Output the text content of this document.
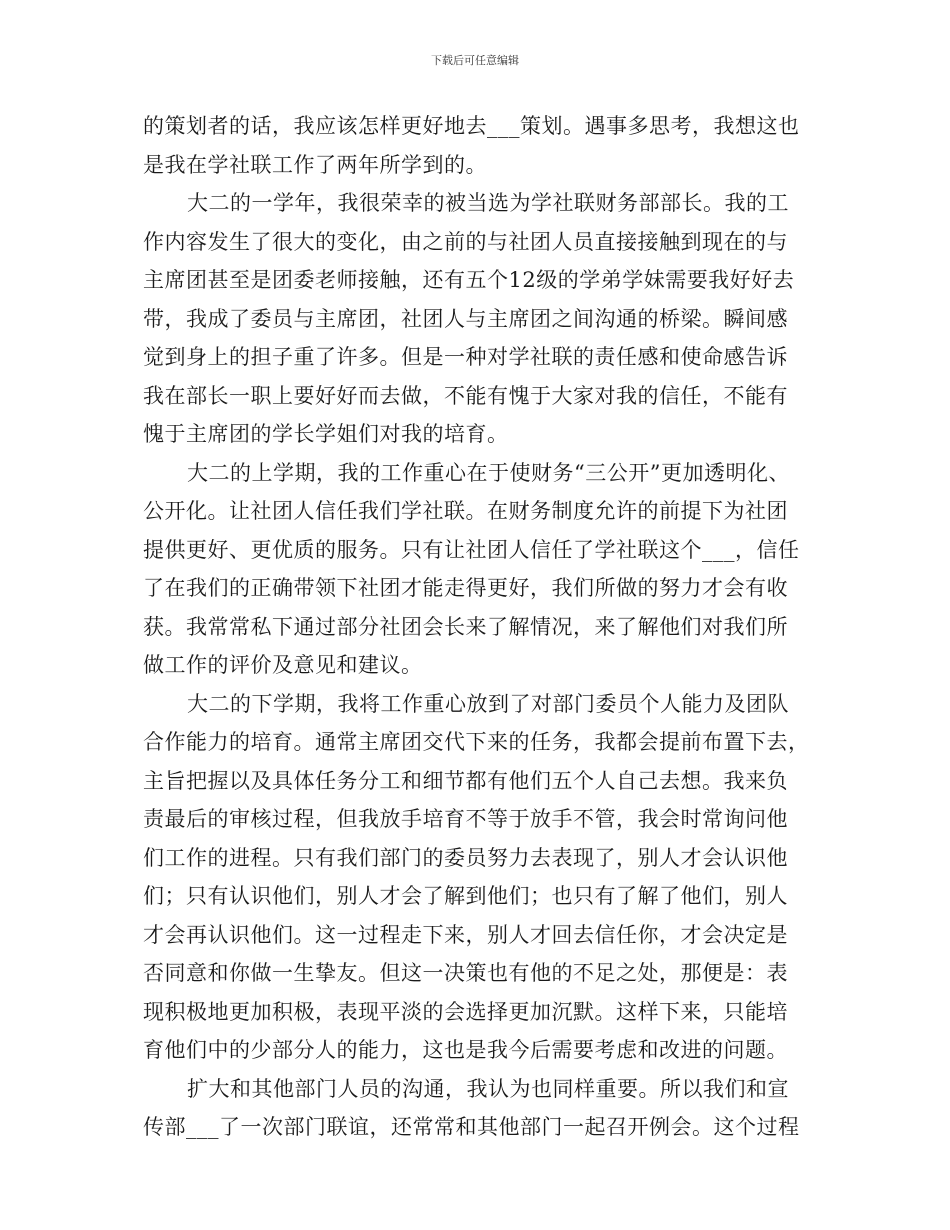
下载后可任意编辑
的策划者的话，我应该怎样更好地去___策划。遇事多思考，我想这也
是我在学社联工作了两年所学到的。
大二的一学年，我很荣幸的被当选为学社联财务部部长。我的工
作内容发生了很大的变化，由之前的与社团人员直接接触到现在的与
主席团甚至是团委老师接触，还有五个12级的学弟学妹需要我好好去
带，我成了委员与主席团，社团人与主席团之间沟通的桥梁。瞬间感
觉到身上的担子重了许多。但是一种对学社联的责任感和使命感告诉
我在部长一职上要好好而去做，不能有愧于大家对我的信任，不能有
愧于主席团的学长学姐们对我的培育。
大二的上学期，我的工作重心在于使财务“三公开”更加透明化、
公开化。让社团人信任我们学社联。在财务制度允许的前提下为社团
提供更好、更优质的服务。只有让社团人信任了学社联这个___，信任
了在我们的正确带领下社团才能走得更好，我们所做的努力才会有收
获。我常常私下通过部分社团会长来了解情况，来了解他们对我们所
做工作的评价及意见和建议。
大二的下学期，我将工作重心放到了对部门委员个人能力及团队
合作能力的培育。通常主席团交代下来的任务，我都会提前布置下去，
主旨把握以及具体任务分工和细节都有他们五个人自己去想。我来负
责最后的审核过程，但我放手培育不等于放手不管，我会时常询问他
们工作的进程。只有我们部门的委员努力去表现了，别人才会认识他
们；只有认识他们，别人才会了解到他们；也只有了解了他们，别人
才会再认识他们。这一过程走下来，别人才回去信任你，才会决定是
否同意和你做一生挚友。但这一决策也有他的不足之处，那便是：表
现积极地更加积极，表现平淡的会选择更加沉默。这样下来，只能培
育他们中的少部分人的能力，这也是我今后需要考虑和改进的问题。
扩大和其他部门人员的沟通，我认为也同样重要。所以我们和宣
传部___了一次部门联谊，还常常和其他部门一起召开例会。这个过程
